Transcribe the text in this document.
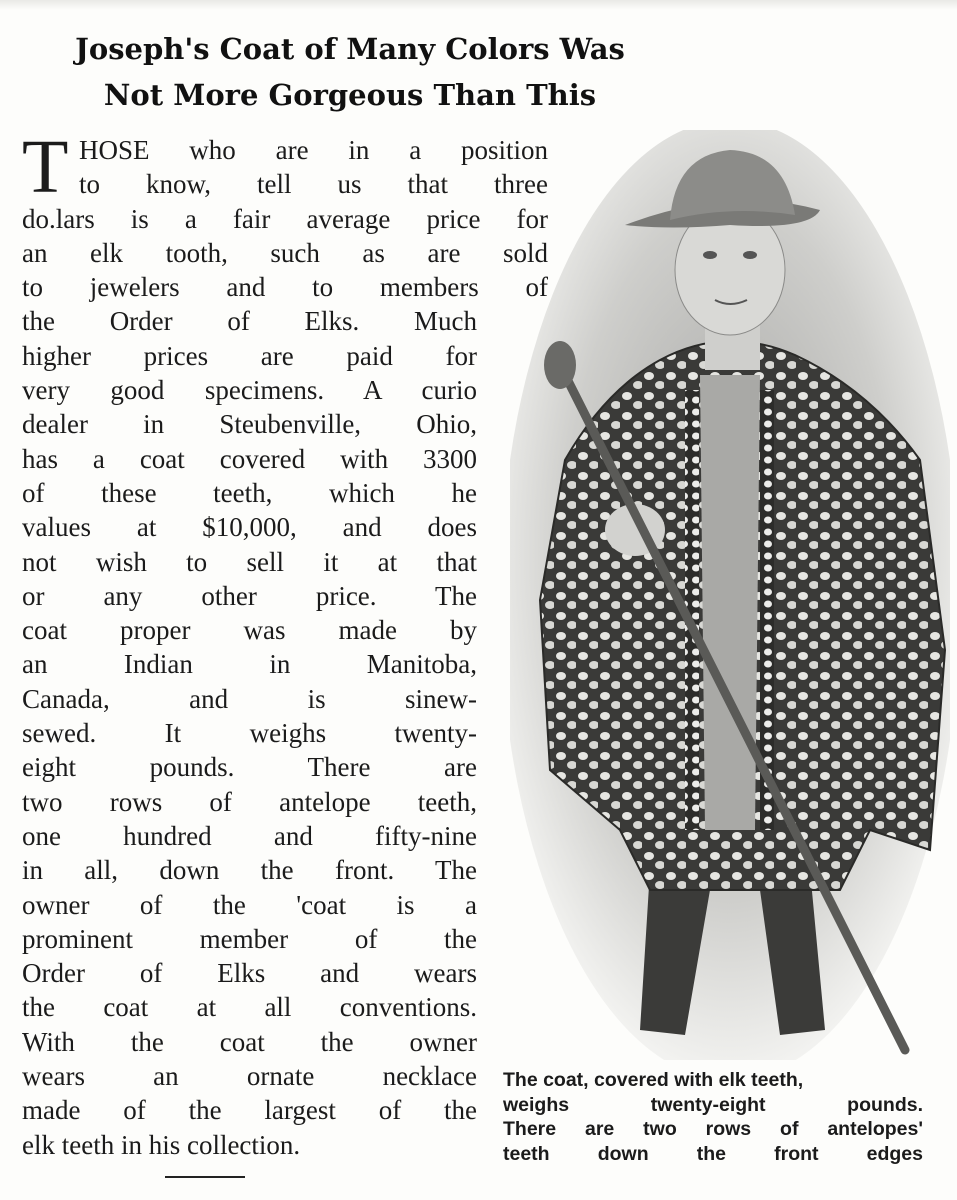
Joseph's Coat of Many Colors Was
Not More Gorgeous Than This
T HOSE who are in a position
to know, tell us that three
do.lars is a fair average price for
an elk tooth, such as are sold
to jewelers and to members of
the Order of Elks. Much
higher prices are paid for
very good specimens. A curio
dealer in Steubenville, Ohio,
has a coat covered with 3300
of these teeth, which he
values at $10,000, and does
not wish to sell it at that
or any other price. The
coat proper was made by
an Indian in Manitoba,
Canada, and is sinew-
sewed. It weighs twenty-
eight pounds. There are
two rows of antelope teeth,
one hundred and fifty-nine
in all, down the front. The
owner of the 'coat is a
prominent member of the
Order of Elks and wears
the coat at all conventions.
With the coat the owner
wears an ornate necklace
made of the largest of the
elk teeth in his collection.

The coat, covered with elk teeth,
weighs twenty-eight pounds.
There are two rows of antelopes'
teeth down the front edges
